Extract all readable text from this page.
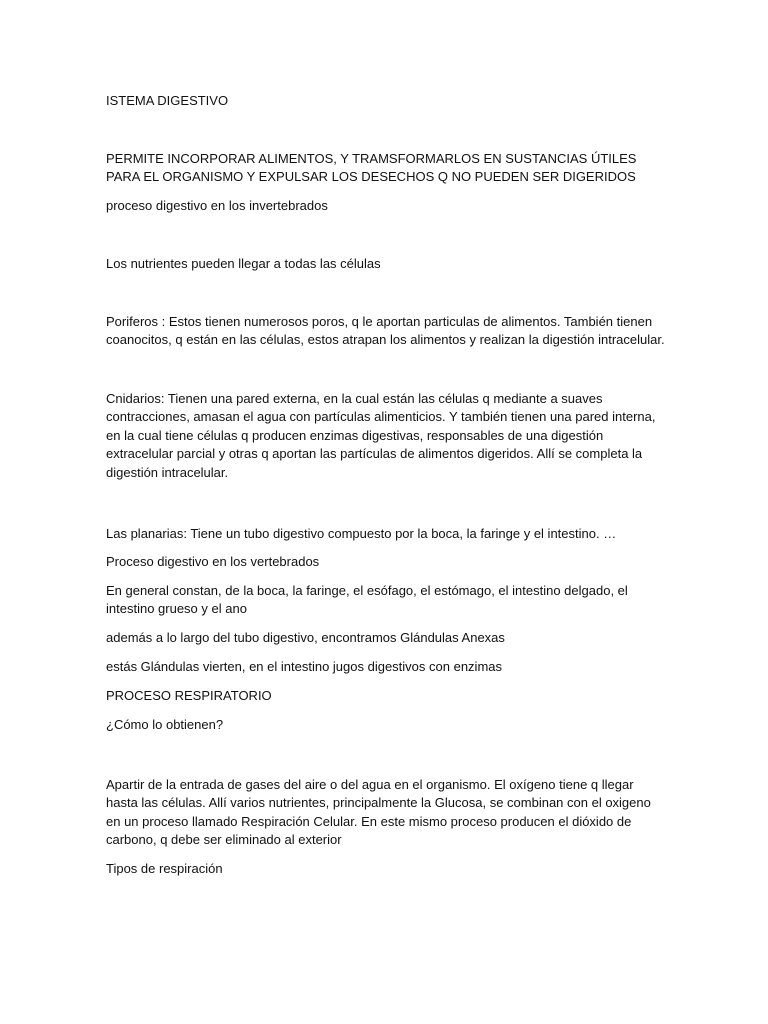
ISTEMA DIGESTIVO

PERMITE INCORPORAR ALIMENTOS, Y TRAMSFORMARLOS EN SUSTANCIAS ÚTILES PARA EL ORGANISMO Y EXPULSAR LOS DESECHOS Q NO PUEDEN SER DIGERIDOS

proceso digestivo en los invertebrados

Los nutrientes pueden llegar a todas las células

Poriferos : Estos tienen numerosos poros, q le aportan particulas de alimentos. También tienen coanocitos, q están en las células, estos atrapan los alimentos y realizan la digestión intracelular.

Cnidarios: Tienen una pared externa, en la cual están las células q mediante a suaves contracciones, amasan el agua con partículas alimenticios. Y también tienen una pared interna, en la cual tiene células q producen enzimas digestivas, responsables de una digestión extracelular parcial y otras q aportan las partículas de alimentos digeridos. Allí se completa la digestión intracelular.

Las planarias: Tiene un tubo digestivo compuesto por la boca, la faringe y el intestino. …

Proceso digestivo en los vertebrados

En general constan, de la boca, la faringe, el esófago, el estómago, el intestino delgado, el intestino grueso y el ano

además a lo largo del tubo digestivo, encontramos Glándulas Anexas

estás Glándulas vierten, en el intestino jugos digestivos con enzimas

PROCESO RESPIRATORIO

¿Cómo lo obtienen?

Apartir de la entrada de gases del aire o del agua en el organismo. El oxígeno tiene q llegar hasta las células. Allí varios nutrientes, principalmente la Glucosa, se combinan con el oxigeno en un proceso llamado Respiración Celular. En este mismo proceso producen el dióxido de carbono, q debe ser eliminado al exterior

Tipos de respiración
